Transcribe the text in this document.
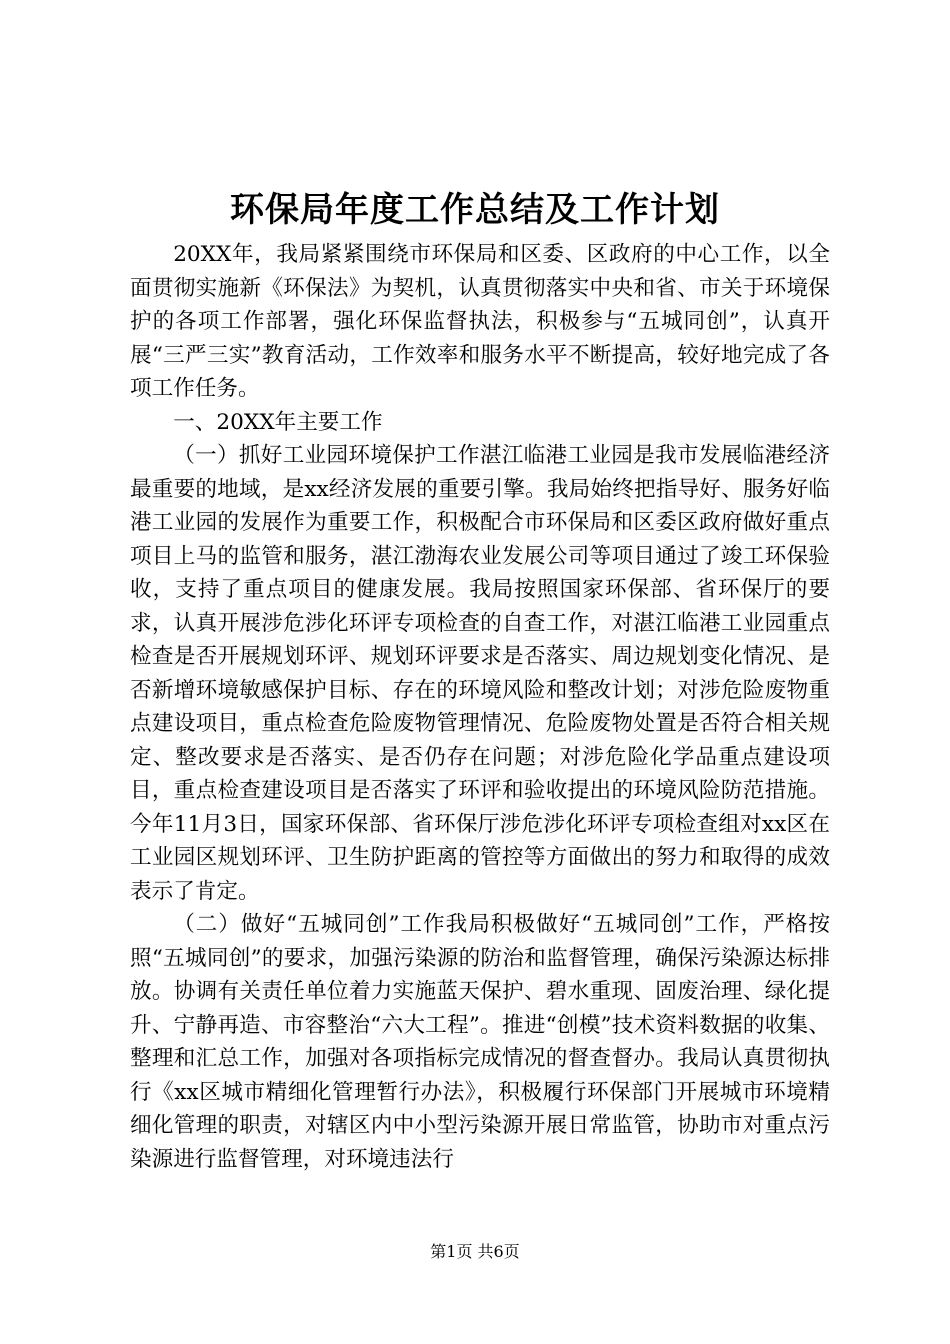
环保局年度工作总结及工作计划

20XX年，我局紧紧围绕市环保局和区委、区政府的中心工作，以全面贯彻实施新《环保法》为契机，认真贯彻落实中央和省、市关于环境保护的各项工作部署，强化环保监督执法，积极参与“五城同创”，认真开展“三严三实”教育活动，工作效率和服务水平不断提高，较好地完成了各项工作任务。

一、20XX年主要工作

（一）抓好工业园环境保护工作湛江临港工业园是我市发展临港经济最重要的地域，是xx经济发展的重要引擎。我局始终把指导好、服务好临港工业园的发展作为重要工作，积极配合市环保局和区委区政府做好重点项目上马的监管和服务，湛江渤海农业发展公司等项目通过了竣工环保验收，支持了重点项目的健康发展。我局按照国家环保部、省环保厅的要求，认真开展涉危涉化环评专项检查的自查工作，对湛江临港工业园重点检查是否开展规划环评、规划环评要求是否落实、周边规划变化情况、是否新增环境敏感保护目标、存在的环境风险和整改计划；对涉危险废物重点建设项目，重点检查危险废物管理情况、危险废物处置是否符合相关规定、整改要求是否落实、是否仍存在问题；对涉危险化学品重点建设项目，重点检查建设项目是否落实了环评和验收提出的环境风险防范措施。今年11月3日，国家环保部、省环保厅涉危涉化环评专项检查组对xx区在工业园区规划环评、卫生防护距离的管控等方面做出的努力和取得的成效表示了肯定。

（二）做好“五城同创”工作我局积极做好“五城同创”工作，严格按照“五城同创”的要求，加强污染源的防治和监督管理，确保污染源达标排放。协调有关责任单位着力实施蓝天保护、碧水重现、固废治理、绿化提升、宁静再造、市容整治“六大工程”。推进“创模”技术资料数据的收集、整理和汇总工作，加强对各项指标完成情况的督查督办。我局认真贯彻执行《xx区城市精细化管理暂行办法》，积极履行环保部门开展城市环境精细化管理的职责，对辖区内中小型污染源开展日常监管，协助市对重点污染源进行监督管理，对环境违法行

第1页 共6页
